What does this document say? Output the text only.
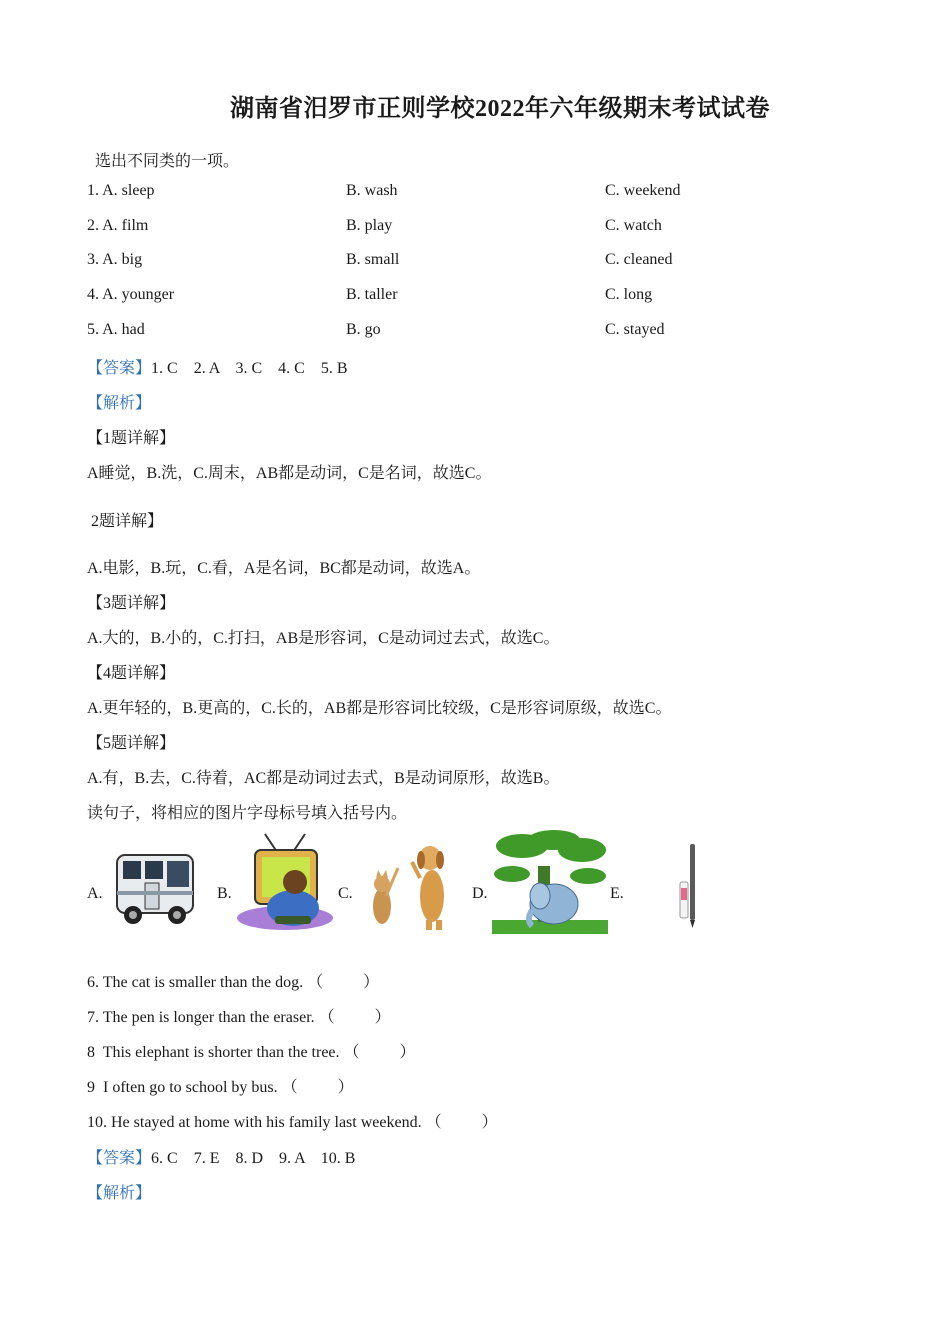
湖南省汨罗市正则学校2022年六年级期末考试试卷
选出不同类的一项。
1. A. sleep	B. wash	C. weekend
2. A. film	B. play	C. watch
3. A. big	B. small	C. cleaned
4. A. younger	B. taller	C. long
5. A. had	B. go	C. stayed
【答案】1. C    2. A    3. C    4. C    5. B
【解析】
【1题详解】
A睡觉，B.洗，C.周末，AB都是动词，C是名词，故选C。
2题详解】
A.电影，B.玩，C.看，A是名词，BC都是动词，故选A。
【3题详解】
A.大的，B.小的，C.打扫，AB是形容词，C是动词过去式，故选C。
【4题详解】
A.更年轻的，B.更高的，C.长的，AB都是形容词比较级，C是形容词原级，故选C。
【5题详解】
A.有，B.去，C.待着，AC都是动词过去式，B是动词原形，故选B。
读句子，将相应的图片字母标号填入括号内。
A.	B.	C.	D.	E.
6. The cat is smaller than the dog. （          ）
7. The pen is longer than the eraser. （          ）
8  This elephant is shorter than the tree. （          ）
9  I often go to school by bus. （          ）
10. He stayed at home with his family last weekend. （          ）
【答案】6. C    7. E    8. D    9. A    10. B
【解析】
